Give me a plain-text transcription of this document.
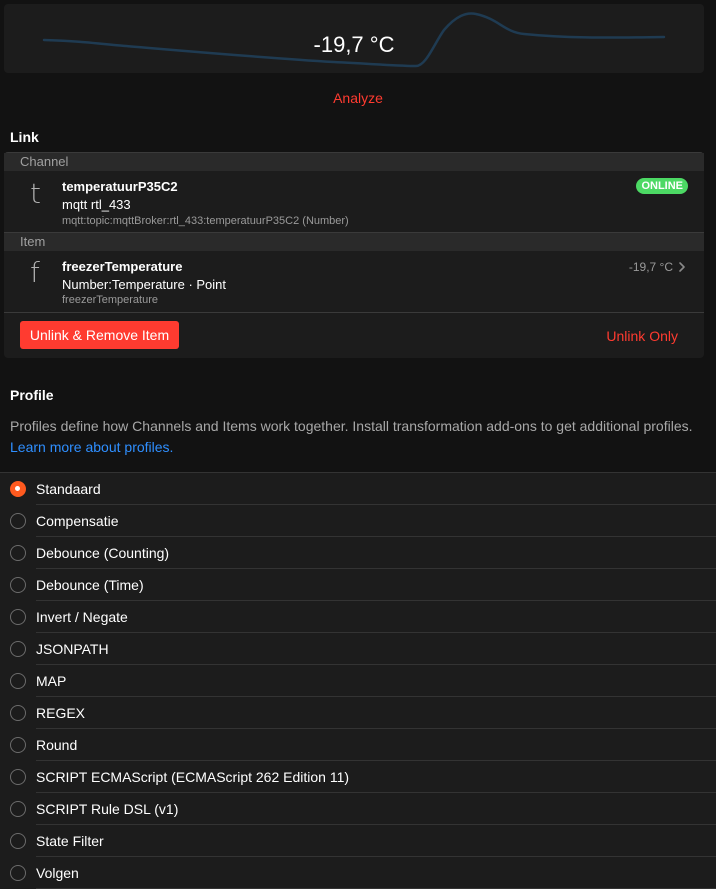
-19,7 °C
Analyze
Link
Channel
t temperatuurP35C2
mqtt rtl_433
mqtt:topic:mqttBroker:rtl_433:temperatuurP35C2 (Number)
ONLINE
Item
f freezerTemperature
Number:Temperature · Point
freezerTemperature
-19,7 °C
Unlink & Remove Item	Unlink Only
Profile
Profiles define how Channels and Items work together. Install transformation add-ons to get additional profiles.
Learn more about profiles.
Standaard
Compensatie
Debounce (Counting)
Debounce (Time)
Invert / Negate
JSONPATH
MAP
REGEX
Round
SCRIPT ECMAScript (ECMAScript 262 Edition 11)
SCRIPT Rule DSL (v1)
State Filter
Volgen
